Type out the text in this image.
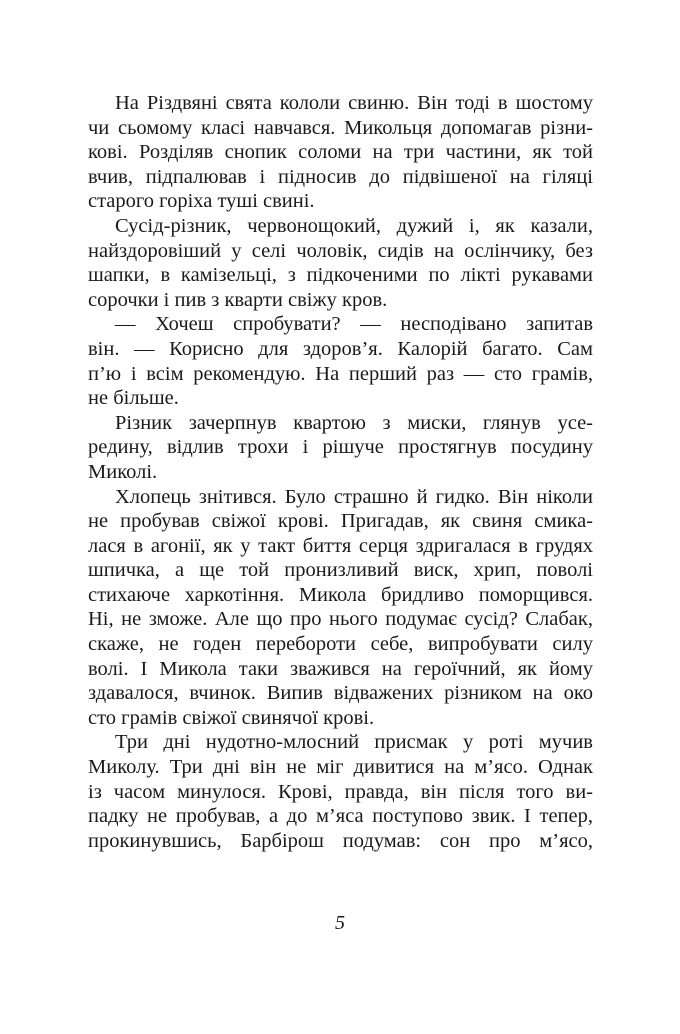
На Різдвяні свята кололи свиню. Він тоді в шостому
чи сьомому класі навчався. Микольця допомагав різни-
кові. Розділяв снопик соломи на три частини, як той
вчив, підпалював і підносив до підвішеної на гіляці
старого горіха туші свині.
Сусід-різник, червонощокий, дужий і, як казали,
найздоровіший у селі чоловік, сидів на ослінчику, без
шапки, в камізельці, з підкоченими по лікті рукавами
сорочки і пив з кварти свіжу кров.
— Хочеш спробувати? — несподівано запитав
він. — Корисно для здоров’я. Калорій багато. Сам
п’ю і всім рекомендую. На перший раз — сто грамів,
не більше.
Різник зачерпнув квартою з миски, глянув усе-
редину, відлив трохи і рішуче простягнув посудину
Миколі.
Хлопець знітився. Було страшно й гидко. Він ніколи
не пробував свіжої крові. Пригадав, як свиня смика-
лася в агонії, як у такт биття серця здригалася в грудях
шпичка, а ще той пронизливий виск, хрип, поволі
стихаюче харкотіння. Микола бридливо поморщився.
Ні, не зможе. Але що про нього подумає сусід? Слабак,
скаже, не годен перебороти себе, випробувати силу
волі. І Микола таки зважився на героїчний, як йому
здавалося, вчинок. Випив відважених різником на око
сто грамів свіжої свинячої крові.
Три дні нудотно-млосний присмак у роті мучив
Миколу. Три дні він не міг дивитися на м’ясо. Однак
із часом минулося. Крові, правда, він після того ви-
падку не пробував, а до м’яса поступово звик. І тепер,
прокинувшись, Барбірош подумав: сон про м’ясо,
5
